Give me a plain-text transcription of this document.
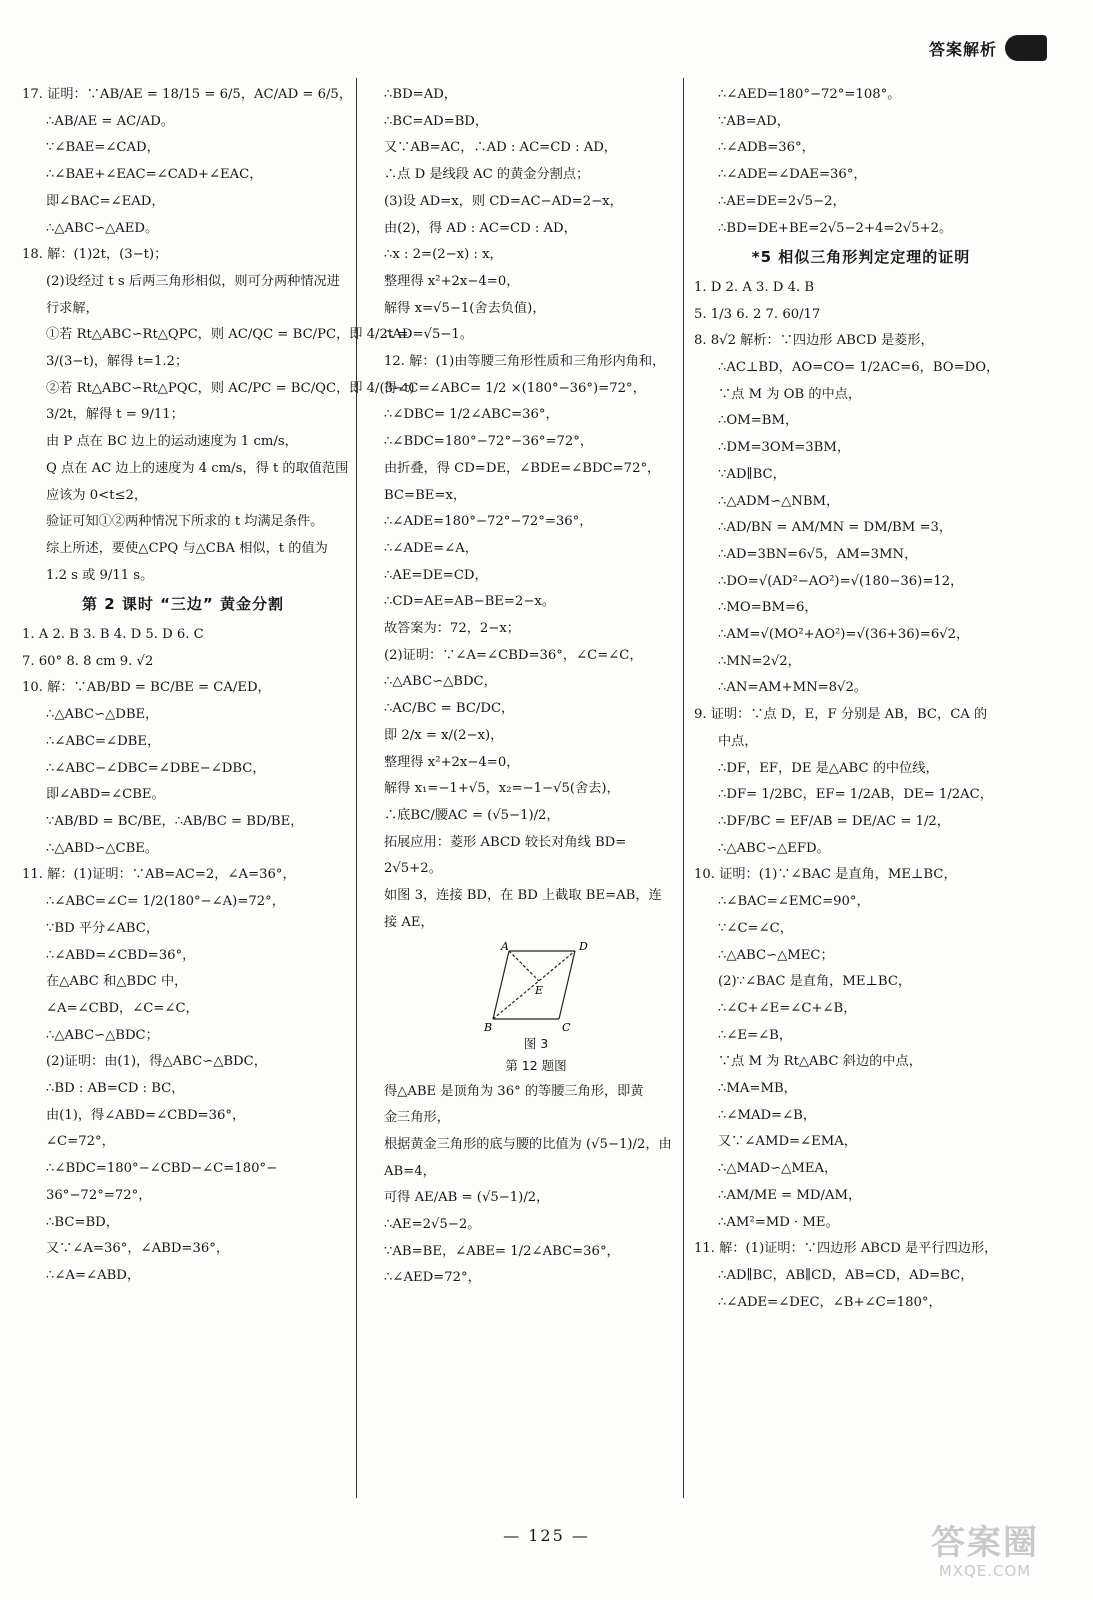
答案解析
17. 证明：∵AB/AE = 18/15 = 6/5，AC/AD = 6/5，
∴AB/AE = AC/AD。
∵∠BAE=∠CAD，
∴∠BAE+∠EAC=∠CAD+∠EAC，
即∠BAC=∠EAD，
∴△ABC∽△AED。
18. 解：(1)2t，(3−t)；
(2)设经过 t s 后两三角形相似，则可分两种情况进
行求解，
①若 Rt△ABC∽Rt△QPC，则 AC/QC = BC/PC，即 4/2t =
3/(3−t)，解得 t=1.2；
②若 Rt△ABC∽Rt△PQC，则 AC/PC = BC/QC，即 4/(3−t) =
3/2t，解得 t = 9/11；
由 P 点在 BC 边上的运动速度为 1 cm/s，
Q 点在 AC 边上的速度为 4 cm/s，得 t 的取值范围
应该为 0<t≤2，
验证可知①②两种情况下所求的 t 均满足条件。
综上所述，要使△CPQ 与△CBA 相似，t 的值为
1.2 s 或 9/11 s。
第 2 课时 “三边” 黄金分割
1. A 2. B 3. B 4. D 5. D 6. C
7. 60° 8. 8 cm 9. √2
10. 解：∵AB/BD = BC/BE = CA/ED，
∴△ABC∽△DBE，
∴∠ABC=∠DBE，
∴∠ABC−∠DBC=∠DBE−∠DBC，
即∠ABD=∠CBE。
∵AB/BD = BC/BE，∴AB/BC = BD/BE，
∴△ABD∽△CBE。
11. 解：(1)证明：∵AB=AC=2，∠A=36°，
∴∠ABC=∠C= 1/2(180°−∠A)=72°，
∵BD 平分∠ABC，
∴∠ABD=∠CBD=36°，
在△ABC 和△BDC 中，
∠A=∠CBD，∠C=∠C，
∴△ABC∽△BDC；
(2)证明：由(1)，得△ABC∽△BDC，
∴BD : AB=CD : BC，
由(1)，得∠ABD=∠CBD=36°，
∠C=72°，
∴∠BDC=180°−∠CBD−∠C=180°−
36°−72°=72°，
∴BC=BD，
又∵∠A=36°，∠ABD=36°，
∴∠A=∠ABD，
∴BD=AD，
∴BC=AD=BD，
又∵AB=AC，∴AD : AC=CD : AD，
∴点 D 是线段 AC 的黄金分割点；
(3)设 AD=x，则 CD=AC−AD=2−x，
由(2)，得 AD : AC=CD : AD，
∴x : 2=(2−x) : x，
整理得 x²+2x−4=0，
解得 x=√5−1(舍去负值)，
∴AD=√5−1。
12. 解：(1)由等腰三角形性质和三角形内角和，
得∠C=∠ABC= 1/2 ×(180°−36°)=72°，
∴∠DBC= 1/2∠ABC=36°，
∴∠BDC=180°−72°−36°=72°，
由折叠，得 CD=DE，∠BDE=∠BDC=72°，
BC=BE=x，
∴∠ADE=180°−72°−72°=36°，
∴∠ADE=∠A，
∴AE=DE=CD，
∴CD=AE=AB−BE=2−x。
故答案为：72，2−x；
(2)证明：∵∠A=∠CBD=36°，∠C=∠C，
∴△ABC∽△BDC，
∴AC/BC = BC/DC，
即 2/x = x/(2−x)，
整理得 x²+2x−4=0，
解得 x₁=−1+√5，x₂=−1−√5(舍去)，
∴底BC/腰AC = (√5−1)/2，
拓展应用：菱形 ABCD 较长对角线 BD=
2√5+2。
如图 3，连接 BD，在 BD 上截取 BE=AB，连
接 AE，
A	D
E
B	C
图 3
第 12 题图
得△ABE 是顶角为 36° 的等腰三角形，即黄
金三角形，
根据黄金三角形的底与腰的比值为 (√5−1)/2，由
AB=4，
可得 AE/AB = (√5−1)/2，
∴AE=2√5−2。
∵AB=BE，∠ABE= 1/2∠ABC=36°，
∴∠AED=72°，
∴∠AED=180°−72°=108°。
∵AB=AD，
∴∠ADB=36°，
∴∠ADE=∠DAE=36°，
∴AE=DE=2√5−2，
∴BD=DE+BE=2√5−2+4=2√5+2。
*5 相似三角形判定定理的证明
1. D 2. A 3. D 4. B
5. 1/3 6. 2 7. 60/17
8. 8√2 解析：∵四边形 ABCD 是菱形，
∴AC⊥BD，AO=CO= 1/2AC=6，BO=DO，
∵点 M 为 OB 的中点，
∴OM=BM，
∴DM=3OM=3BM，
∵AD∥BC，
∴△ADM∽△NBM，
∴AD/BN = AM/MN = DM/BM =3，
∴AD=3BN=6√5，AM=3MN，
∴DO=√(AD²−AO²)=√(180−36)=12，
∴MO=BM=6，
∴AM=√(MO²+AO²)=√(36+36)=6√2，
∴MN=2√2，
∴AN=AM+MN=8√2。
9. 证明：∵点 D，E，F 分别是 AB，BC，CA 的
中点，
∴DF，EF，DE 是△ABC 的中位线，
∴DF= 1/2BC，EF= 1/2AB，DE= 1/2AC，
∴DF/BC = EF/AB = DE/AC = 1/2，
∴△ABC∽△EFD。
10. 证明：(1)∵∠BAC 是直角，ME⊥BC，
∴∠BAC=∠EMC=90°，
∵∠C=∠C，
∴△ABC∽△MEC；
(2)∵∠BAC 是直角，ME⊥BC，
∴∠C+∠E=∠C+∠B，
∴∠E=∠B，
∵点 M 为 Rt△ABC 斜边的中点，
∴MA=MB，
∴∠MAD=∠B，
又∵∠AMD=∠EMA，
∴△MAD∽△MEA，
∴AM/ME = MD/AM，
∴AM²=MD · ME。
11. 解：(1)证明：∵四边形 ABCD 是平行四边形，
∴AD∥BC，AB∥CD，AB=CD，AD=BC，
∴∠ADE=∠DEC，∠B+∠C=180°，
— 125 —	答案圈
MXQE.COM
